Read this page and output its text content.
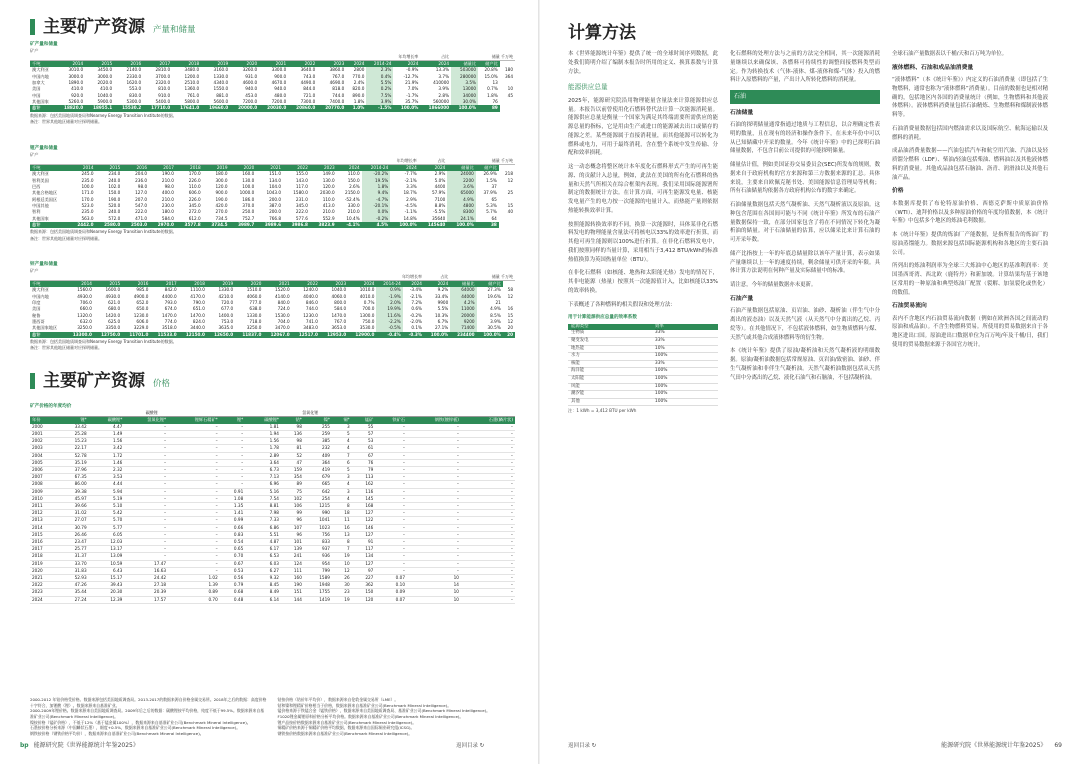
主要矿产资源 产量和储量
矿产量和储量
矿产
												年均增长率		占比	储量 千万吨		
千吨	2014	2015	2016	2017	2018	2019	2020	2021	2022	2023	2024	2014-24	2024	2024	储量比	储产比	
澳大利亚	3010.0	3450.0	2140.0	2810.0	3480.0	3160.0	3260.0	3300.0	3640.0	3860.0	2800	2.3%	-0.9%	13.3%	503000	20.8%	180
中国内地	3000.0	3000.0	2330.0	3700.0	1200.0	1330.0	931.0	900.0	743.0	767.0	770.0	0.4%	-12.7%	3.7%	280000	15.0%	364
加拿大	1890.0	2020.0	1620.0	2320.0	2510.0	4340.0	4600.0	4670.0	4490.0	4690.0	2.4%	5.5%	21.9%	410000	3.5%	13	
美国	410.0	410.0	553.0	810.0	1360.0	1550.0	940.0	940.0	844.0	818.0	820.0	0.2%	7.0%	3.9%	13000	0.7%	10
中国	920.0	1040.0	830.0	910.0	761.0	881.0	453.0	480.0	721.0	744.0	890.0	7.5%	-1.7%	2.8%	34000	1.8%	45
其他国家	5260.0	5900.0	5300.0	5400.0	5800.0	5600.0	7200.0	7200.0	7300.0	7400.0	1.8%	3.9%	35.7%	560000	30.0%	76	
总计	18820.0	18955.1	15530.2	17710.0	17641.0	19660.0	20000.0	20030.0	20860.0	20770.0	1.0%	-1.5%	100.0%	1866000	100.0%	89	
数据来源：包括美国地质调查局和Nearney Energy Transition Institute的数据。
备注：世界其他地区储量对应探明储量。
锂产量和储量
矿产
												年均增长率		占比	储量 千万吨		
千吨	2014	2015	2016	2017	2018	2019	2020	2021	2022	2023	2024	2014-24	2024	2024	储量比	储产比	
澳大利亚	245.0	234.0	204.0	190.0	170.0	180.0	160.0	151.0	155.0	149.0	110.0	-20.2%	-7.7%	2.9%	24000	26.9%	218
智利美国	235.0	240.0	236.0	210.0	226.0	300.0	130.0	134.0	143.0	130.0	150.0	19.5%	-2.1%	5.0%	2200	1.5%	12
巴西	100.0	102.0	98.0	98.0	110.0	120.0	100.0	104.0	117.0	120.0	2.6%	1.8%	3.3%	4400	3.6%	37	
其他合格地区	171.0	150.0	127.0	400.0	606.0	900.0	1000.0	1043.0	1580.0	2030.0	2150.0	9.4%	18.7%	57.9%	65000	37.9%	25
阿根廷美国区	170.0	190.0	207.0	210.0	226.0	190.0	186.0	200.0	231.0	110.0	-52.4%	-4.7%	2.9%	7100	4.9%	65	
中国其他	523.0	520.0	547.0	230.0	345.0	420.0	370.0	387.0	345.0	413.0	330.0	-20.1%	-4.5%	8.8%	4800	5.3%	15
智利	235.0	240.0	222.0	180.0	272.0	270.0	250.0	200.0	222.0	210.0	210.0	0.0%	-1.1%	-5.5%	8300	5.7%	40
其他国家	563.0	572.0	471.0	584.0	612.0	734.5	752.7	766.8	577.6	552.9	10.4%	-0.2%	14.8%	35640	24.1%	64	
总计	2442.0	2580.0	2503.0	2970.0	3577.8	3734.5	3989.7	3989.6	3986.8	3823.9	-4.1%	4.5%	100.0%	145640	100.0%	38	
数据来源：包括美国地质调查局和Nearney Energy Transition Institute的数据。
备注：世界其他地区储量对应探明储量。
锌产量和储量
矿产
												年均增长率		占比	储量 千万吨		
千吨	2014	2015	2016	2017	2018	2019	2020	2021	2022	2023	2024	2014-24	2024	2024	储量比	储产比	
澳大利亚	1560.0	1600.0	985.0	842.0	1110.0	1330.0	1510.0	1520.0	1240.0	1040.0	1010.0	0.9%	-3.4%	9.2%	64000	27.3%	58
中国内地	4930.0	4930.0	4900.0	4400.0	4170.0	4210.0	4060.0	4140.0	4040.0	4060.0	4010.0	-1.9%	-2.1%	33.4%	44000	19.6%	12
印度	706.0	621.0	652.0	793.0	790.0	720.0	777.0	840.0	846.0	800.0	0.7%	2.0%	7.2%	9900	4.2%	21	
美国	660.0	680.0	650.0	674.0	651.0	677.0	638.0	724.0	744.0	584.0	700.0	19.9%	0.6%	5.5%	11000	4.9%	16
秘鲁	1320.0	1420.0	1230.0	1470.0	1470.0	1400.0	1330.0	1530.0	1230.0	1470.0	1300.0	11.6%	-0.2%	10.3%	20000	8.5%	15
墨西哥	632.0	625.0	606.0	774.0	824.0	753.0	718.0	704.0	741.0	767.0	750.0	-2.2%	-2.0%	6.7%	9200	3.9%	12
其他国家地区	3250.0	3350.0	3229.0	3518.0	3440.0	3635.0	3250.0	3470.0	3483.0	3653.0	3530.0	-0.5%	0.1%	27.1%	71400	30.5%	20
总计	13300.0	12750.0	11701.0	11533.0	12150.0	12650.0	11837.0	12067.0	12517.0	12953.0	12900.0	-0.4%	-0.3%	100.0%	234400	100.0%	20
数据来源：包括美国地质调查局和Nearney Energy Transition Institute的数据。
备注：世界其他地区储量对应探明储量。
主要矿产资源 价格
矿产价格的年度均价
	碳酸锂					氢氧化锂							
年份	锂*	碳酸锂*	氢氧化锂*	锂辉石精矿*	锂*	碳酸锂*	钴*	镍*	铜*	锰矿	铁矿石	钢铁(镀锌板)	石墨(鳞片状)
2000	33.42	4.47	–	–	–	1.81	98	255	3	55	–	–	–
2001	25.28	1.49	–	–	–	1.94	136	259	5	57	–	–	–
2002	15.23	1.56	–	–	–	1.56	98	385	4	53	–	–	–
2003	22.17	3.42	–	–	–	1.78	81	232	4	61	–	–	–
2004	52.78	1.72	–	–	–	2.89	52	409	7	67	–	–	–
2005	35.19	1.46	–	–	–	3.64	47	364	6	76	–	–	–
2006	37.96	2.32	–	–	–	6.73	159	419	5	79	–	–	–
2007	67.35	3.53	–	–	–	7.13	354	679	3	113	–	–	–
2008	86.00	4.44	–	–	–	6.96	89	665	4	162	–	–	–
2009	39.38	5.94	–	–	0.91	5.16	75	642	3	116	–	–	–
2010	45.97	5.19	–	–	1.08	7.54	102	254	4	145	–	–	–
2011	39.66	5.10	–	–	1.35	8.81	106	1215	8	168	–	–	–
2012	31.02	5.42	–	–	1.41	7.98	99	990	18	127	–	–	–
2013	27.07	5.70	–	–	0.99	7.33	96	1041	11	122	–	–	–
2014	30.79	5.77	–	–	0.66	6.86	107	1023	16	146	–	–	–
2015	26.46	6.05	–	–	0.83	5.51	96	756	13	127	–	–	–
2016	23.47	12.03	–	–	0.54	4.87	101	833	8	91	–	–	–
2017	25.77	13.17	–	–	0.65	6.17	139	937	7	117	–	–	–
2018	31.37	13.09	–	–	0.70	6.53	241	936	19	134	–	–	–
2019	33.70	10.59	17.47	–	0.67	6.03	124	954	10	127	–	–	–
2020	31.83	6.43	16.63	–	0.53	6.27	111	799	12	97	–	–	–
2021	52.93	15.17	24.42	1.02	0.56	9.32	160	1589	26	227	0.07	10	–
2022	47.26	39.43	27.18	1.39	0.79	8.45	190	1948	30	362	0.10	14	–
2023	35.44	20.30	20.39	0.89	0.68	8.49	151	1755	23	150	0.09	10	–
2024	27.24	12.39	17.57	0.70	0.48	6.14	144	1419	19	120	0.07	10	–
2000-2012 年钴价格受价格。数据来源包括美国地质调查局。2013-2017的数据来源自价格金属交易所。2018年之后的数据：高度价格十字符合，加锂酸（锂）。数据来源来自基准矿业。
2000-2009年锂价格。数据来源来自美国地质调查局。2009年后之后的数据：碳酸锂按平均价格，纯度不低于99.5%。数据来源来自基准矿业公司(Benchmark Mineral Intelligence)。
镍按价格（锰矿价格），不低于12%（基于锰金属100%），数据来源来自基准矿业公司(Benchmark Mineral Intelligence)。
石墨按价格分析来源（中国鳞状石墨），细度+0.5%，数据来源来自基准矿业公司(Benchmark Mineral Intelligence)。
钢铁按价格（钢铁价格平均价），数据来源来自基准矿业公司(Benchmark Mineral Intelligence)。
钴按价格（钴价年平均价），数据来源来自伦敦金属交易所（LME）。
钴和镍和锂精矿价格相当于价格，数据来源来自基准矿业公司(Benchmark Mineral Intelligence)。
锰价格来源于铁锰合金（锰铁价格），数据来源来自美国地质调查局、基准矿业公司(Benchmark Mineral Intelligence)。
F1020锂金属锂原料价格分析平均价格。数据来源来自基准矿业公司(Benchmark Mineral Intelligence)。
锂产品按价格数据来源来自基准矿业公司(Benchmark Mineral Intelligence)。
铜精矿价格来源于铜精矿价格平均数据，数据来源来自国际铜业研究组(ICSG)。
钢铁按价格数据来源来自基准矿业公司(Benchmark Mineral Intelligence)。
bp 能源研究院《世界能源统计年鉴2025》	返回目录 ↻
计算方法

本《世界能源统计年鉴》提供了统一的全球时间序列数据，此处我们简明介绍了编制本报告时所用的定义、换算系数与计算方法。

能源供应总量

2025年，能源研究院沿用物理能量含量法来计算能源供应总量。本报告以前曾使用化石燃料替代法计算一次能源消耗量。能源供应总量是衡量一个国家为满足其终端需要所需供应的能源总量的指标，它是用由生产或进口的能源减去出口或储存的能源之差。某些能源属于直接消耗量，而其他能源可以转化为燃料或电力，可用于最终消耗，含在整个系统中发生传输、分配和效率损耗。

这一动态概念将整区统计本年度化石燃料形式产生的可再生能源、的贡献计入总量，例如，此法在美国的所有化石燃料的热量和天然气所相关在综合框架内表现。我们采用国际能源署所制定的数据统计方法。在计算方面，可再生能源发电量、核能发电量产生的电力按一次能源的电量计入，而热能产量则依据热能转换效率计算。

按照能源转换效率的不同，换算一次能源时，具体某非化石燃料发电的物理能量含量法可将核电以33%的效率进行折算，而其他可再生能源则以100%进行折算。在非化石燃料发电中，我们按照同样的当量计算，采用相当于3,412 BTU/kWh的标准热值换算为英国热量单位（BTU）。

在非化石燃料（如核能、地热和太阳能光热）发电的情况下，其非电能源（热量）按照其一次能源值计入，比如核能以33%的效率转换。

下表概述了各种燃料的相关假设和处理方法：

用于计算能源供应总量的效率系数
能源类型	效率
生物质	33%
聚变发电	33%
地热能	10%
水力	100%
核能	33%
海洋能	100%
太阳能	100%
风能	100%
潮汐能	100%
其他	100%
注：1 kWh = 3,412 BTU per kWh

化石燃料的处理方法与之前的方法完全相同，其一次能源消耗量继续以来确保该、各燃料可持续性的调整间接燃料类型而定。作为转换技术（气体-液体、煤-液体和煤-气体）投入的燃料计入原燃料的产量，产出计入所转化燃料的消耗量。

石油
石油储量

石油的探明储量通常指通过地质与工程信息，以合理确定性表明的数量，且在现有的经济和操作条件下，在未来年份中可以从已知储藏中开采的数量。今年《统计年鉴》中的已探明石油储量数据，不包含目前公司提供的可能探明储量。

储量估计值，例如美国证券交易委员会(SEC)所发布的规则，数据来自于政府机构的官方来源和第三方数据来源的汇总。具体来说，主要来自欧佩克秘书处、美国能源信息管理局等机构；所有石油储量均依据各方政府机构公布的数字来确定。

石油储量数据包括天然气凝析油、天然气凝析液以及原油。这种包含范围在各国间可能与不同《统计年鉴》所发布的石油产量数据保持一致，在部分国家包含了将在不同情况下转化为凝析油的储量。对于石油储量的估算，应以储采比来计算石油的可开采年数。

储产比指按上一年的年底总储量除以该年产量计算，表示如果产量继续以上一年的速度持续，剩余储量可供开采的年限。具体计算方法说明在何种产量及实际储量中的标准。

请注意，今年的储量数据亦未更新。

石油产量

石油产量数据包括原油、页岩油、油砂、凝析油（伴生气中分离出的液态油）以及天然气液（从天然气中分离出的乙烷、丙烷等）。在其他情况下，不包括液体燃料，如生物质燃料与煤、天然气或其他合成液体燃料等的衍生物。

本《统计年鉴》提供了原油/凝析油和天然气凝析液的明细数据。原油/凝析油数据包括常规原油、页岩油/致密油、油砂、伴生气凝析油和非伴生气凝析油。天然气凝析油数据包括从天然气田中分离出的乙烷、液化石油气和石脑油，不包括凝析油。

全球石油产量数据表以千桶/天和百万吨为单位。

液体燃料、石油和成品油消费量

“液体燃料”（本《统计年鉴》）内定义的石油消费量（即包括了生物燃料，通常也称为“液体燃料”消费量）。目前的数据也是相对精确的，包括地区内各国的消费量统计（例如，生物燃料和其他液体燃料）。液体燃料消费量包括石油精炼、生物燃料和煤制液体燃料等。

石油消费量数据包括国内燃油需求以及国际航空、航海运输以及燃料的消耗。

成品油消费量数据——汽油包括汽车和航空用汽油、汽油以及轻质馏分燃料（LDF）、柴油/轻油包括柴油、燃料油以及其他液体燃料的消费量。其他成品油包括石脑油、沥青、润滑油以及其他石油产品。

价格

本数据库提供了布伦特原油价格、西德克萨斯中质原油价格（WTI）、迪拜价格以及多种原油价格的年度均值数据，本《统计年鉴》中包括多个地区的炼油毛利数据。

本《统计年鉴》提供的炼油厂产能数据，是指所报告的炼油厂的原油蒸馏能力。数据来源包括国际能源机构和各地区的主要石油公司。

所列出的炼油利润率为全球三大炼油中心地区的基准利润率：美国墨西哥湾、西北欧（鹿特丹）和新加坡。计算结果均基于该地区常用的一种原油和典型炼油厂配置（裂解、加氢裂化或焦化）的数值。

石油贸易流向

表内不含地区内石油贸易流向数据（例如在欧洲各国之间流动的原油和成品油）。不含生物燃料贸易。所使用的贸易数据来自于各地区进出口国。原油进出口数据单位为百万吨/年及千桶/日，我们使用的贸易数据来源于各国官方统计。

返回目录 ↻	能源研究院《世界能源统计年鉴2025》 69
